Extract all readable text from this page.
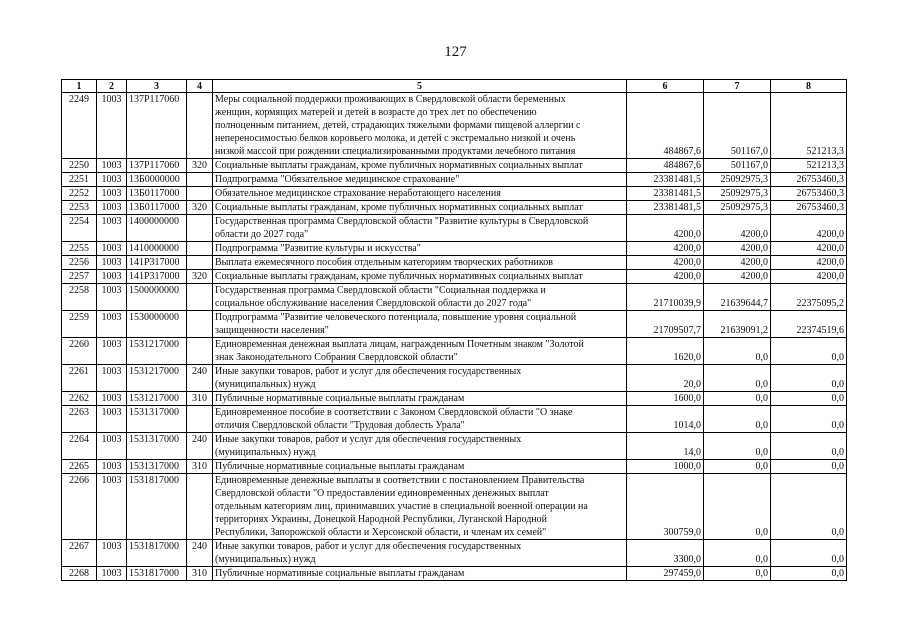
127
1	2	3	4	5	6	7	8
2249	1003	137Р117060		Меры социальной поддержки проживающих в Свердловской области беременных
женщин, кормящих матерей и детей в возрасте до трех лет по обеспечению
полноценным питанием, детей, страдающих тяжелыми формами пищевой аллергии с
непереносимостью белков коровьего молока, и детей с экстремально низкой и очень
низкой массой при рождении специализированными продуктами лечебного питания	484867,6	501167,0	521213,3
2250	1003	137Р117060	320	Социальные выплаты гражданам, кроме публичных нормативных социальных выплат	484867,6	501167,0	521213,3
2251	1003	13Б0000000		Подпрограмма "Обязательное медицинское страхование"	23381481,5	25092975,3	26753460,3
2252	1003	13Б0117000		Обязательное медицинское страхование неработающего населения	23381481,5	25092975,3	26753460,3
2253	1003	13Б0117000	320	Социальные выплаты гражданам, кроме публичных нормативных социальных выплат	23381481,5	25092975,3	26753460,3
2254	1003	1400000000		Государственная программа Свердловской области "Развитие культуры в Свердловской
области до 2027 года"	4200,0	4200,0	4200,0
2255	1003	1410000000		Подпрограмма "Развитие культуры и искусства"	4200,0	4200,0	4200,0
2256	1003	141Р317000		Выплата ежемесячного пособия отдельным категориям творческих работников	4200,0	4200,0	4200,0
2257	1003	141Р317000	320	Социальные выплаты гражданам, кроме публичных нормативных социальных выплат	4200,0	4200,0	4200,0
2258	1003	1500000000		Государственная программа Свердловской области "Социальная поддержка и
социальное обслуживание населения Свердловской области до 2027 года"	21710039,9	21639644,7	22375095,2
2259	1003	1530000000		Подпрограмма "Развитие человеческого потенциала, повышение уровня социальной
защищенности населения"	21709507,7	21639091,2	22374519,6
2260	1003	1531217000		Единовременная денежная выплата лицам, награжденным Почетным знаком "Золотой
знак Законодательного Собрания Свердловской области"	1620,0	0,0	0,0
2261	1003	1531217000	240	Иные закупки товаров, работ и услуг для обеспечения государственных
(муниципальных) нужд	20,0	0,0	0,0
2262	1003	1531217000	310	Публичные нормативные социальные выплаты гражданам	1600,0	0,0	0,0
2263	1003	1531317000		Единовременное пособие в соответствии с Законом Свердловской области "О знаке
отличия Свердловской области "Трудовая доблесть Урала"	1014,0	0,0	0,0
2264	1003	1531317000	240	Иные закупки товаров, работ и услуг для обеспечения государственных
(муниципальных) нужд	14,0	0,0	0,0
2265	1003	1531317000	310	Публичные нормативные социальные выплаты гражданам	1000,0	0,0	0,0
2266	1003	1531817000		Единовременные денежные выплаты в соответствии с постановлением Правительства
Свердловской области "О предоставлении единовременных денежных выплат
отдельным категориям лиц, принимавших участие в специальной военной операции на
территориях Украины, Донецкой Народной Республики, Луганской Народной
Республики, Запорожской области и Херсонской области, и членам их семей"	300759,0	0,0	0,0
2267	1003	1531817000	240	Иные закупки товаров, работ и услуг для обеспечения государственных
(муниципальных) нужд	3300,0	0,0	0,0
2268	1003	1531817000	310	Публичные нормативные социальные выплаты гражданам	297459,0	0,0	0,0
